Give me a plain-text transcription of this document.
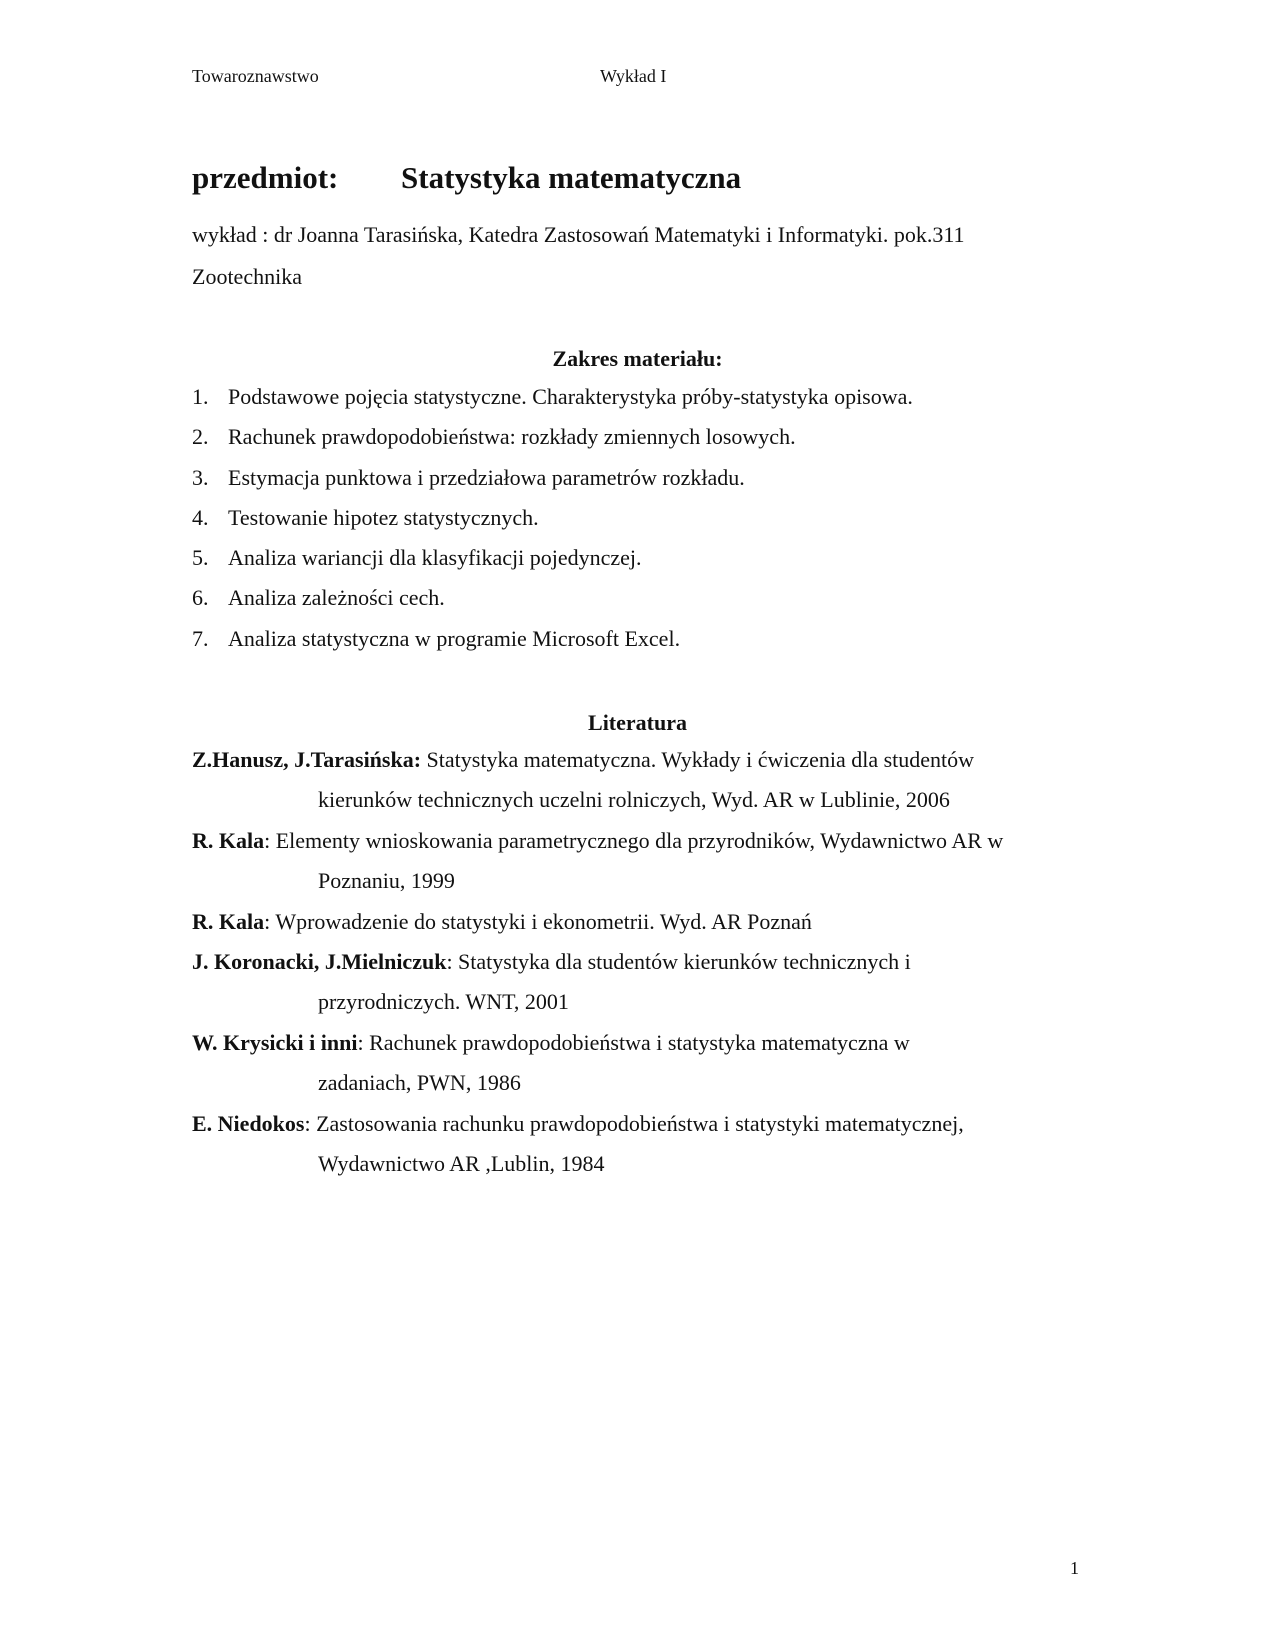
Towaroznawstwo	Wykład I
przedmiot: Statystyka matematyczna
wykład : dr Joanna Tarasińska, Katedra Zastosowań Matematyki i Informatyki. pok.311
Zootechnika
Zakres materiału:
1. Podstawowe pojęcia statystyczne. Charakterystyka próby-statystyka opisowa.
2. Rachunek prawdopodobieństwa: rozkłady zmiennych losowych.
3. Estymacja punktowa i przedziałowa parametrów rozkładu.
4. Testowanie hipotez statystycznych.
5. Analiza wariancji dla klasyfikacji pojedynczej.
6. Analiza zależności cech.
7. Analiza statystyczna w programie Microsoft Excel.
Literatura
Z.Hanusz, J.Tarasińska: Statystyka matematyczna. Wykłady i ćwiczenia dla studentów
kierunków technicznych uczelni rolniczych, Wyd. AR w Lublinie, 2006
R. Kala: Elementy wnioskowania parametrycznego dla przyrodników, Wydawnictwo AR w
Poznaniu, 1999
R. Kala: Wprowadzenie do statystyki i ekonometrii. Wyd. AR Poznań
J. Koronacki, J.Mielniczuk: Statystyka dla studentów kierunków technicznych i
przyrodniczych. WNT, 2001
W. Krysicki i inni: Rachunek prawdopodobieństwa i statystyka matematyczna w
zadaniach, PWN, 1986
E. Niedokos: Zastosowania rachunku prawdopodobieństwa i statystyki matematycznej,
Wydawnictwo AR ,Lublin, 1984
1
